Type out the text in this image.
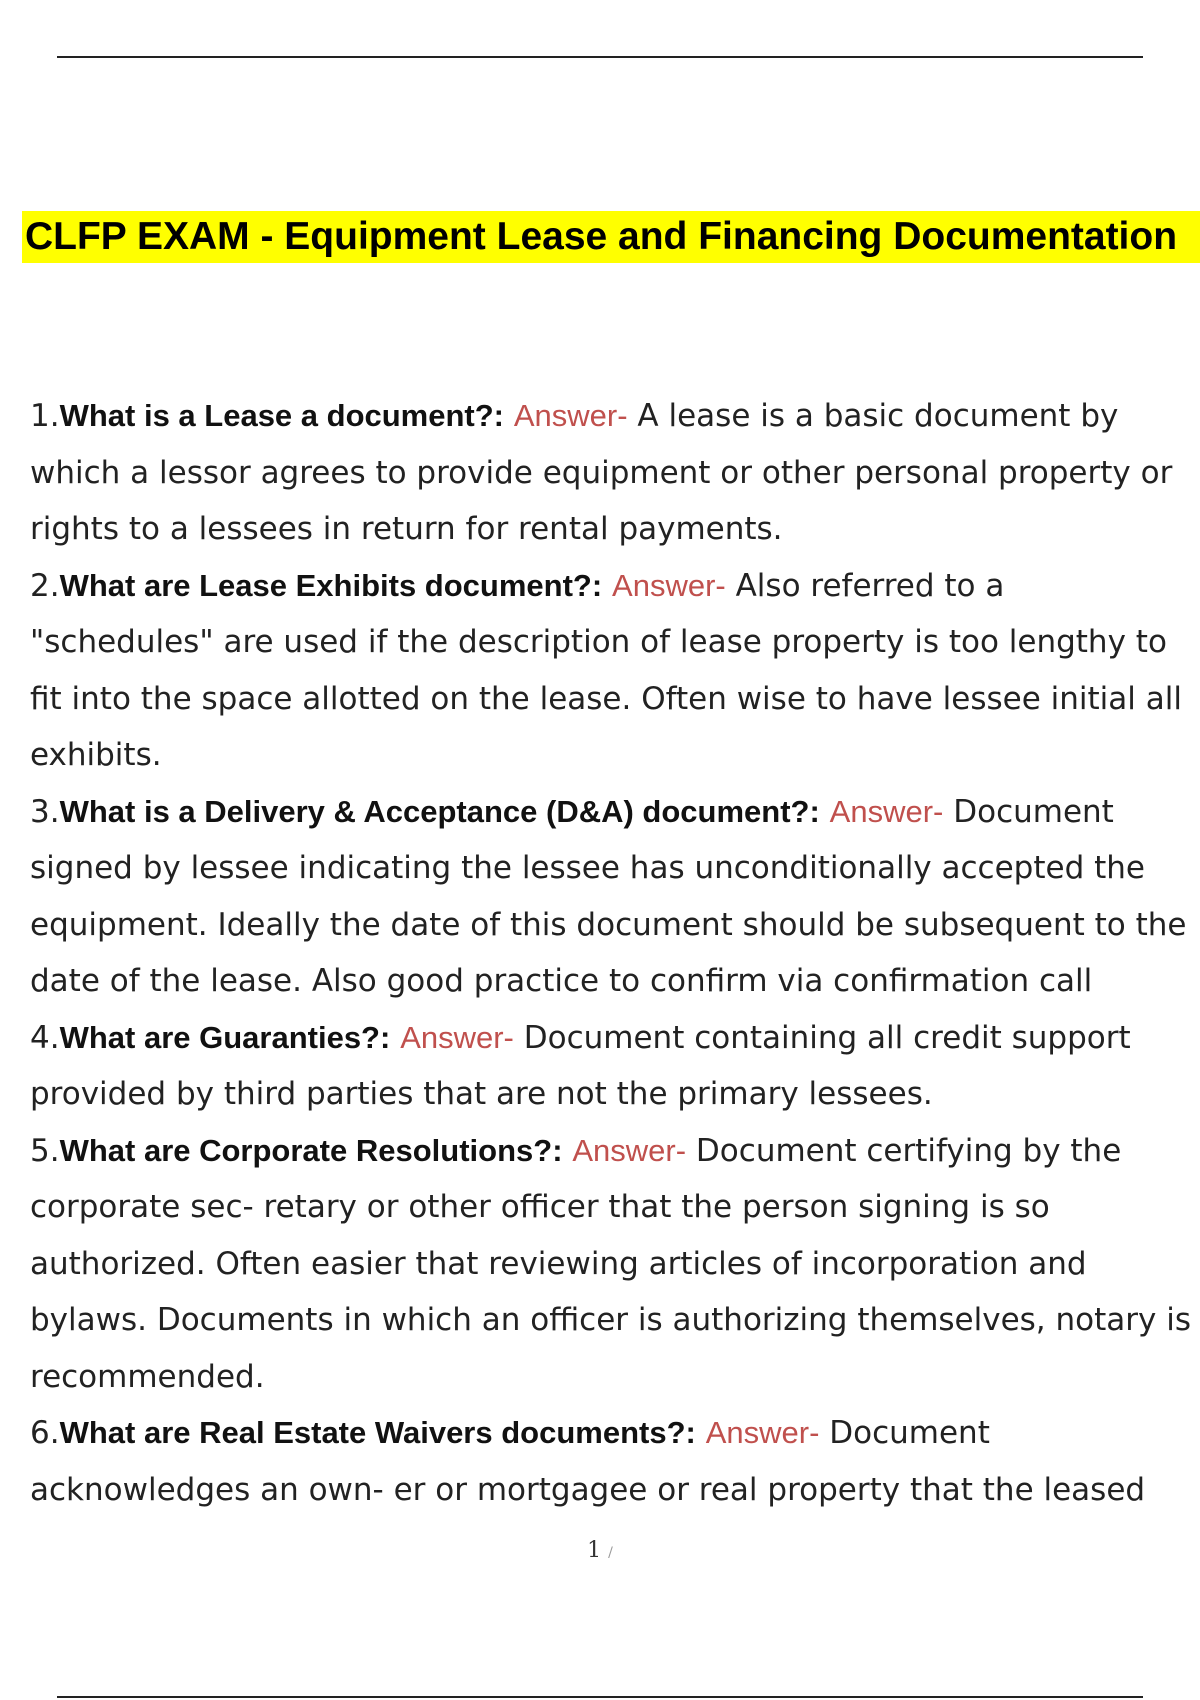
CLFP EXAM - Equipment Lease and Financing Documentation
1.What is a Lease a document?: Answer- A lease is a basic document by which a lessor agrees to provide equipment or other personal property or rights to a lessees in return for rental payments.
2.What are Lease Exhibits document?: Answer- Also referred to a "schedules" are used if the description of lease property is too lengthy to fit into the space allotted on the lease. Often wise to have lessee initial all exhibits.
3.What is a Delivery & Acceptance (D&A) document?: Answer- Document signed by lessee indicating the lessee has unconditionally accepted the equipment. Ideally the date of this document should be subsequent to the date of the lease. Also good practice to confirm via confirmation call
4.What are Guaranties?: Answer- Document containing all credit support provided by third parties that are not the primary lessees.
5.What are Corporate Resolutions?: Answer- Document certifying by the corporate sec- retary or other officer that the person signing is so authorized. Often easier that reviewing articles of incorporation and bylaws. Documents in which an officer is authorizing themselves, notary is recommended.
6.What are Real Estate Waivers documents?: Answer- Document acknowledges an own- er or mortgagee or real property that the leased
1 /
